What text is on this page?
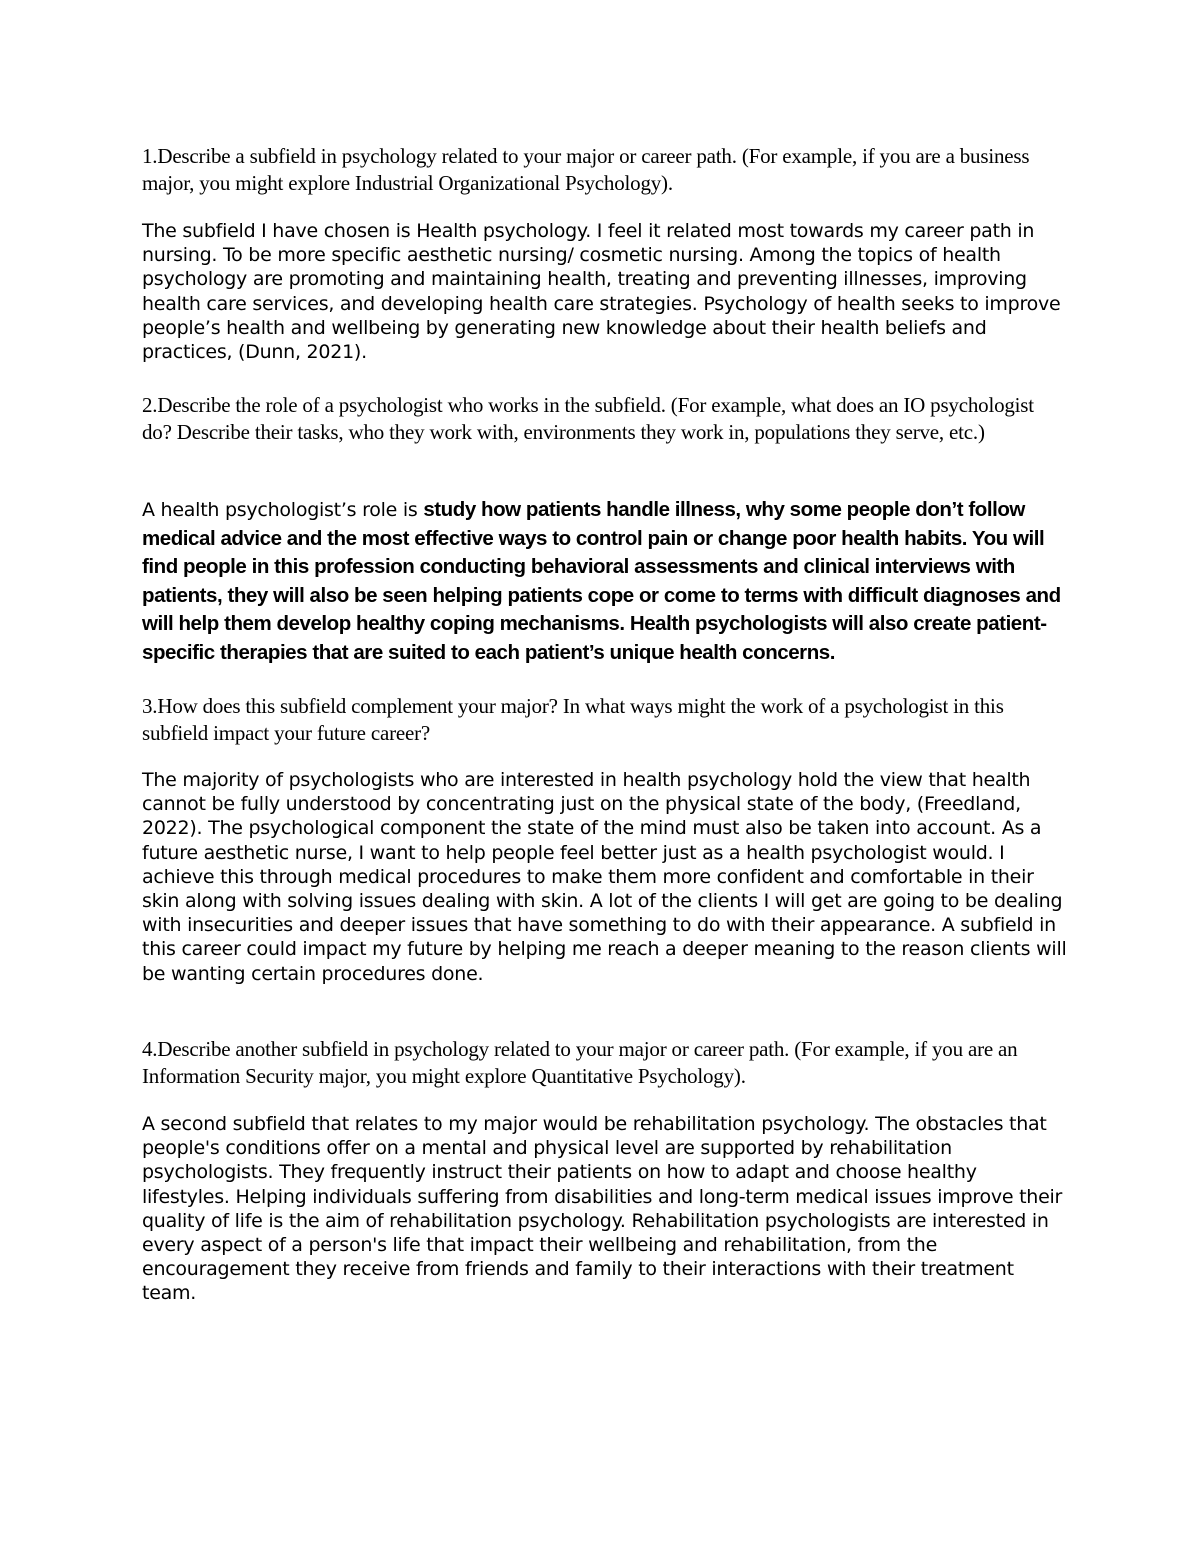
1.Describe a subfield in psychology related to your major or career path. (For example, if you are a business major, you might explore Industrial Organizational Psychology).

The subfield I have chosen is Health psychology. I feel it related most towards my career path in nursing. To be more specific aesthetic nursing/ cosmetic nursing. Among the topics of health psychology are promoting and maintaining health, treating and preventing illnesses, improving health care services, and developing health care strategies. Psychology of health seeks to improve people’s health and wellbeing by generating new knowledge about their health beliefs and practices, (Dunn, 2021).

2.Describe the role of a psychologist who works in the subfield. (For example, what does an IO psychologist do? Describe their tasks, who they work with, environments they work in, populations they serve, etc.)

A health psychologist’s role is study how patients handle illness, why some people don’t follow medical advice and the most effective ways to control pain or change poor health habits. You will find people in this profession conducting behavioral assessments and clinical interviews with patients, they will also be seen helping patients cope or come to terms with difficult diagnoses and will help them develop healthy coping mechanisms. Health psychologists will also create patient-specific therapies that are suited to each patient’s unique health concerns.

3.How does this subfield complement your major? In what ways might the work of a psychologist in this subfield impact your future career?

The majority of psychologists who are interested in health psychology hold the view that health cannot be fully understood by concentrating just on the physical state of the body, (Freedland, 2022). The psychological component the state of the mind must also be taken into account. As a future aesthetic nurse, I want to help people feel better just as a health psychologist would. I achieve this through medical procedures to make them more confident and comfortable in their skin along with solving issues dealing with skin. A lot of the clients I will get are going to be dealing with insecurities and deeper issues that have something to do with their appearance. A subfield in this career could impact my future by helping me reach a deeper meaning to the reason clients will be wanting certain procedures done.

4.Describe another subfield in psychology related to your major or career path. (For example, if you are an Information Security major, you might explore Quantitative Psychology).

A second subfield that relates to my major would be rehabilitation psychology. The obstacles that people's conditions offer on a mental and physical level are supported by rehabilitation psychologists. They frequently instruct their patients on how to adapt and choose healthy lifestyles. Helping individuals suffering from disabilities and long-term medical issues improve their quality of life is the aim of rehabilitation psychology. Rehabilitation psychologists are interested in every aspect of a person's life that impact their wellbeing and rehabilitation, from the encouragement they receive from friends and family to their interactions with their treatment team.
